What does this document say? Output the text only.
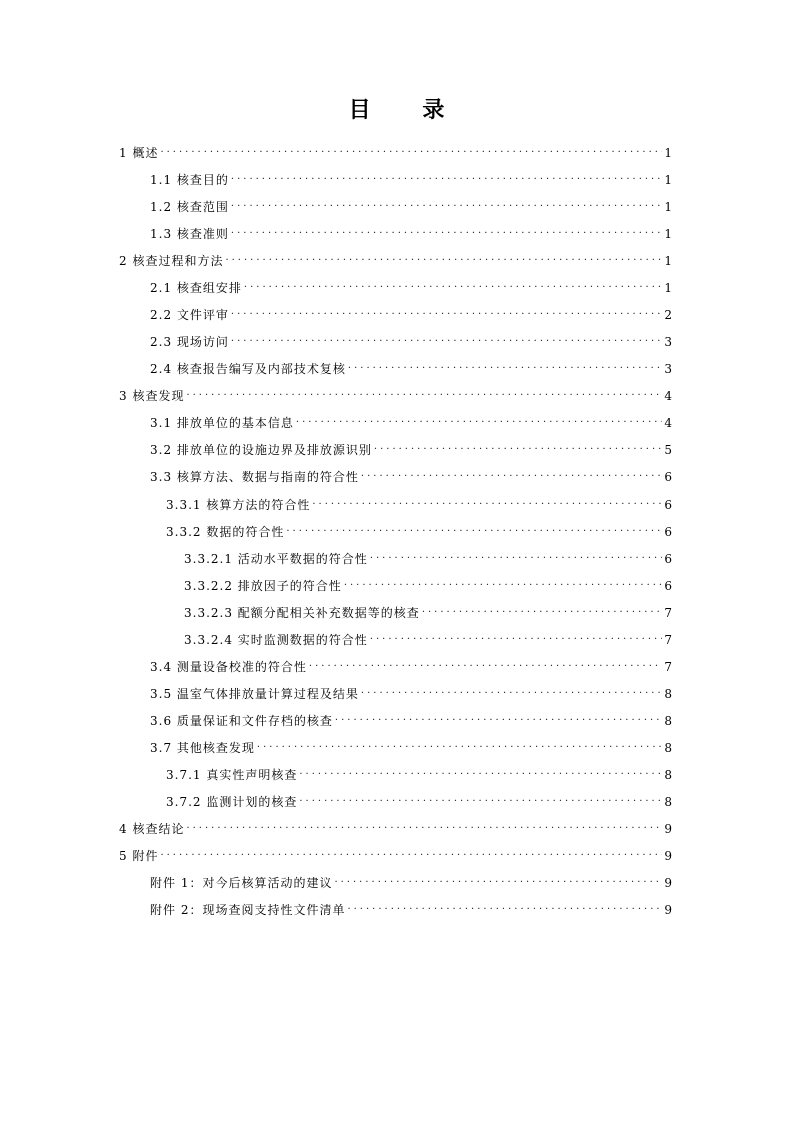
目 录
1 概述 ·····	1
1.1 核查目的 ·····	1
1.2 核查范围 ·····	1
1.3 核查准则 ·····	1
2 核查过程和方法 ·····	1
2.1 核查组安排 ·····	1
2.2 文件评审 ·····	2
2.3 现场访问 ·····	3
2.4 核查报告编写及内部技术复核 ·····	3
3 核查发现 ·····	4
3.1 排放单位的基本信息 ·····	4
3.2 排放单位的设施边界及排放源识别 ·····	5
3.3 核算方法、数据与指南的符合性 ·····	6
3.3.1 核算方法的符合性 ·····	6
3.3.2 数据的符合性 ·····	6
3.3.2.1 活动水平数据的符合性 ·····	6
3.3.2.2 排放因子的符合性 ·····	6
3.3.2.3 配额分配相关补充数据等的核查 ·····	7
3.3.2.4 实时监测数据的符合性 ·····	7
3.4 测量设备校准的符合性 ·····	7
3.5 温室气体排放量计算过程及结果 ·····	8
3.6 质量保证和文件存档的核查 ·····	8
3.7 其他核查发现 ·····	8
3.7.1 真实性声明核查 ·····	8
3.7.2 监测计划的核查 ·····	8
4 核查结论 ·····	9
5 附件 ·····	9
附件 1：对今后核算活动的建议 ·····	9
附件 2：现场查阅支持性文件清单 ·····	9
